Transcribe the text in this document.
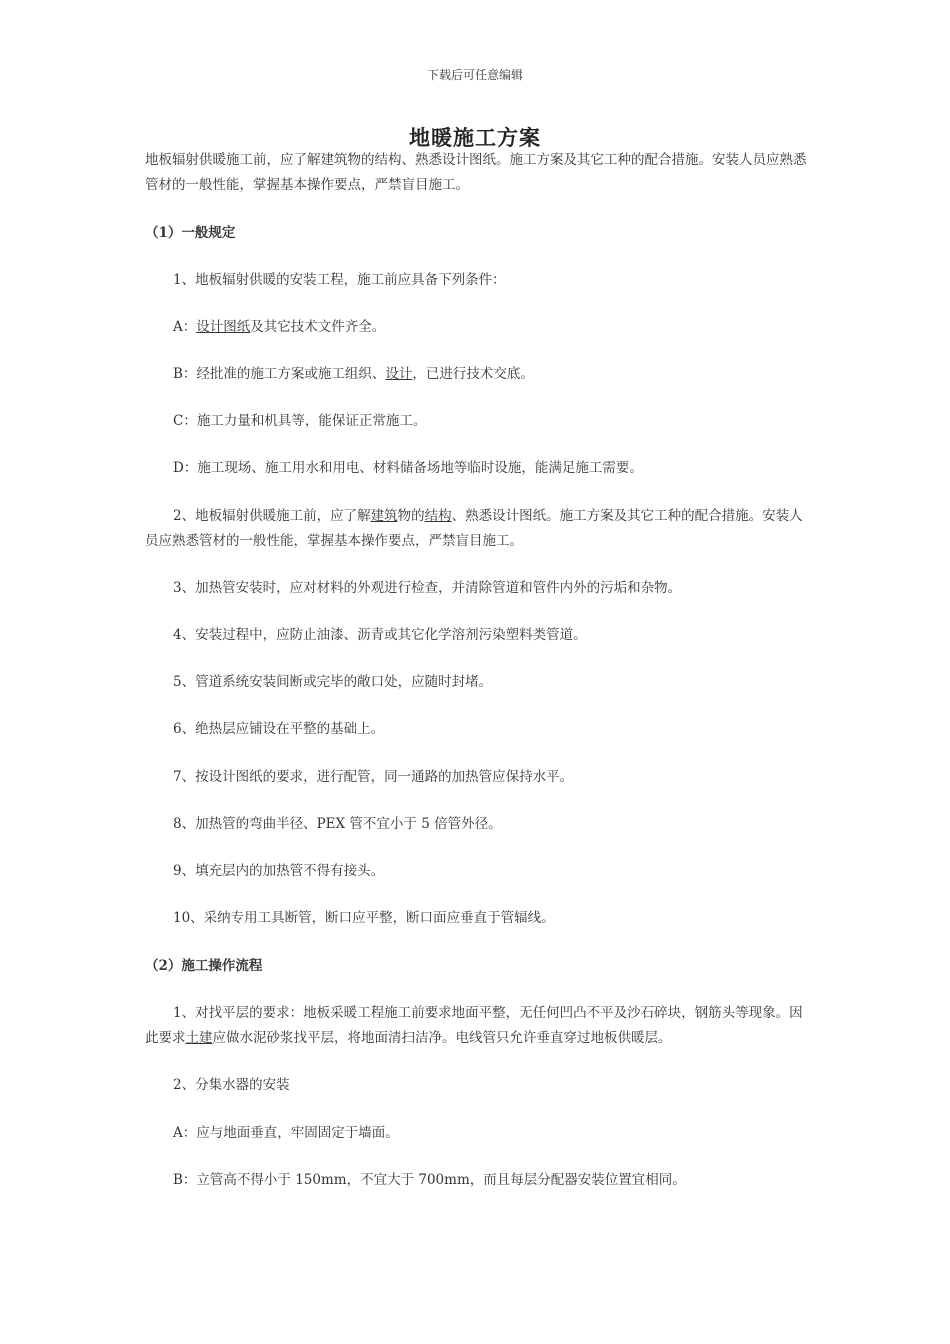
下载后可任意编辑
地暖施工方案
地板辐射供暖施工前，应了解建筑物的结构、熟悉设计图纸。施工方案及其它工种的配合措施。安装人员应熟悉管材的一般性能，掌握基本操作要点，严禁盲目施工。
（1）一般规定
1、地板辐射供暖的安装工程，施工前应具备下列条件：
A：设计图纸及其它技术文件齐全。
B：经批准的施工方案或施工组织、设计，已进行技术交底。
C：施工力量和机具等，能保证正常施工。
D：施工现场、施工用水和用电、材料储备场地等临时设施，能满足施工需要。
2、地板辐射供暖施工前，应了解建筑物的结构、熟悉设计图纸。施工方案及其它工种的配合措施。安装人员应熟悉管材的一般性能，掌握基本操作要点，严禁盲目施工。
3、加热管安装时，应对材料的外观进行检查，并清除管道和管件内外的污垢和杂物。
4、安装过程中，应防止油漆、沥青或其它化学溶剂污染塑料类管道。
5、管道系统安装间断或完毕的敞口处，应随时封堵。
6、绝热层应铺设在平整的基础上。
7、按设计图纸的要求，进行配管，同一通路的加热管应保持水平。
8、加热管的弯曲半径、PEX 管不宜小于 5 倍管外径。
9、填充层内的加热管不得有接头。
10、采纳专用工具断管，断口应平整，断口面应垂直于管辐线。
（2）施工操作流程
1、对找平层的要求：地板采暖工程施工前要求地面平整，无任何凹凸不平及沙石碎块，钢筋头等现象。因此要求土建应做水泥砂浆找平层，将地面清扫洁净。电线管只允许垂直穿过地板供暖层。
2、分集水器的安装
A：应与地面垂直，牢固固定于墙面。
B：立管高不得小于 150mm，不宜大于 700mm，而且每层分配器安装位置宜相同。
